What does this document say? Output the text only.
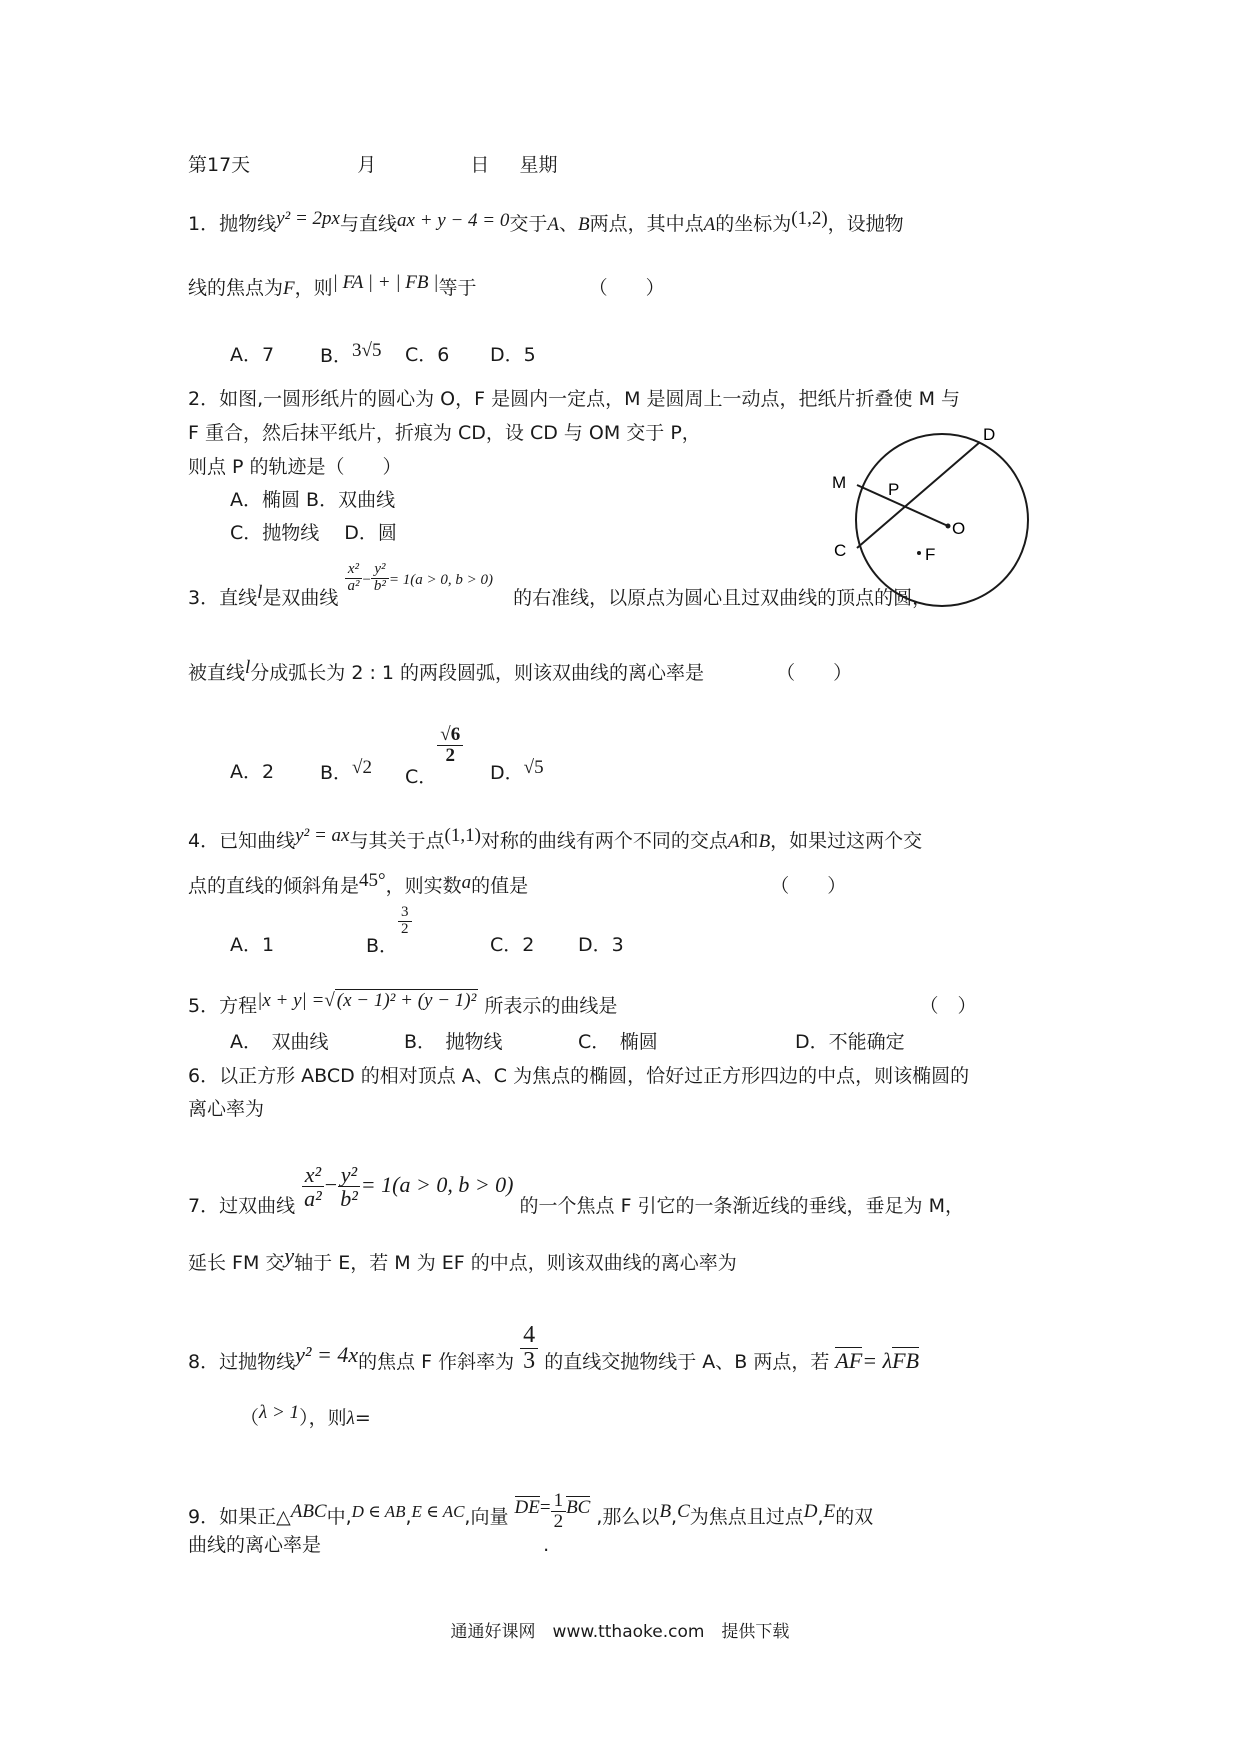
第17天	月	日 星期
1．抛物线y² = 2px与直线ax + y − 4 = 0交于A、B两点，其中点A的坐标为(1,2)，设抛物
线的焦点为F，则| FA | + | FB |等于	（　　）
A．7 B．3√5 C．6 D．5
2．如图,一圆形纸片的圆心为 O，F 是圆内一定点，M 是圆周上一动点，把纸片折叠使 M 与
F 重合，然后抹平纸片，折痕为 CD，设 CD 与 OM 交于 P，
则点 P 的轨迹是（　　）
A．椭圆 B．双曲线
C．抛物线　 D．圆
D
M P
O
C	F
3．直线l是双曲线
$\frac{\text{x²}}{\text{a²}} - \frac{\text{y²}}{\text{b²}} = 1(a > 0$, b > 0) 的右准线，以原点为圆心且过双曲线的顶点的圆，
被直线l分成弧长为 2 : 1 的两段圆弧，则该双曲线的离心率是	（　　）
A．2 B．√2 C．
$\frac{√6}{2}$
D．√5
4．已知曲线y² = ax与其关于点(1,1)对称的曲线有两个不同的交点A和B，如果过这两个交
点的直线的倾斜角是45°，则实数a的值是	（　　）
A．1	B．
$\frac{3}{2}$
C．2 D．3
5．方程|x + y| =√ (x − 1)² + (y − 1)² 所表示的曲线是	（　）
A．　双曲线	B．　抛物线	C．　椭圆	D．不能确定
6．以正方形 ABCD 的相对顶点 A、C 为焦点的椭圆，恰好过正方形四边的中点，则该椭圆的
离心率为
7．过双曲线 $\frac{\text{x²}}{\text{a²}} - \frac{\text{y²}}{\text{b²}} = 1(a > 0$, b > 0) 的一个焦点 F 引它的一条渐近线的垂线，垂足为 M，
延长 FM 交y轴于 E，若 M 为 EF 的中点，则该双曲线的离心率为
8．过抛物线y² = 4x的焦点 F 作斜率为 $\frac{4}{3}$ 的直线交抛物线于 A、B 两点，若 AF= λFB
（λ > 1），则λ=
9．如果正△ABC中,D ∈ AB,E ∈ AC,向量 $DE= \frac{1}{2}$ BC ,那么以B,C为焦点且过点D,E的双
曲线的离心率是	.
通通好课网　www.tthaoke.com　提供下载
